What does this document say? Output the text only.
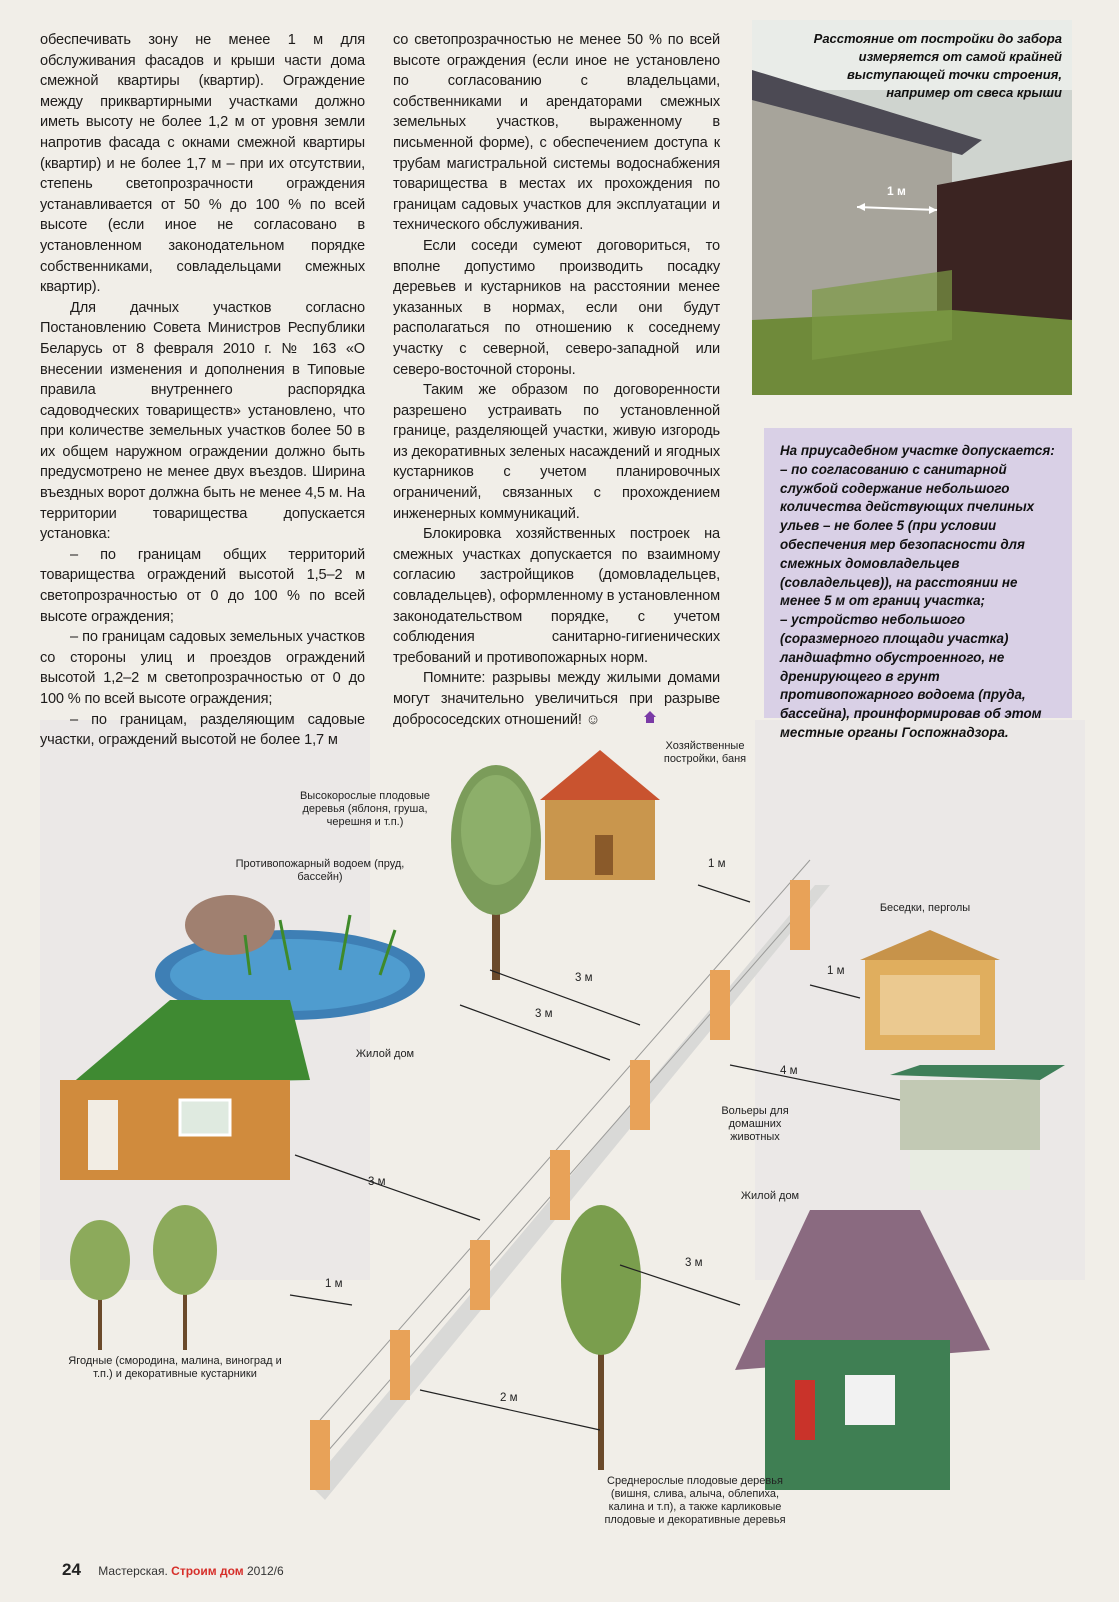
обеспечивать зону не менее 1 м для обслуживания фасадов и крыши части дома смежной квартиры (квартир). Ограждение между приквартирными участками должно иметь высоту не более 1,2 м от уровня земли напротив фасада с окнами смежной квартиры (квартир) и не более 1,7 м – при их отсутствии, степень светопрозрачности ограждения устанавливается от 50 % до 100 % по всей высоте (если иное не согласовано в установленном законодательном порядке собственниками, совладельцами смежных квартир).

Для дачных участков согласно Постановлению Совета Министров Республики Беларусь от 8 февраля 2010 г. № 163 «О внесении изменения и дополнения в Типовые правила внутреннего распорядка садоводческих товариществ» установлено, что при количестве земельных участков более 50 в их общем наружном ограждении должно быть предусмотрено не менее двух въездов. Ширина въездных ворот должна быть не менее 4,5 м. На территории товарищества допускается установка:

– по границам общих территорий товарищества ограждений высотой 1,5–2 м светопрозрачностью от 0 до 100 % по всей высоте ограждения;

– по границам садовых земельных участков со стороны улиц и проездов ограждений высотой 1,2–2 м светопрозрачностью от 0 до 100 % по всей высоте ограждения;

– по границам, разделяющим садовые участки, ограждений высотой не более 1,7 м

со светопрозрачностью не менее 50 % по всей высоте ограждения (если иное не установлено по согласованию с владельцами, собственниками и арендаторами смежных земельных участков, выраженному в письменной форме), с обеспечением доступа к трубам магистральной системы водоснабжения товарищества в местах их прохождения по границам садовых участков для эксплуатации и технического обслуживания.

Если соседи сумеют договориться, то вполне допустимо производить посадку деревьев и кустарников на расстоянии менее указанных в нормах, если они будут располагаться по отношению к соседнему участку с северной, северо-западной или северо-восточной стороны.

Таким же образом по договоренности разрешено устраивать по установленной границе, разделяющей участки, живую изгородь из декоративных зеленых насаждений и ягодных кустарников с учетом планировочных ограничений, связанных с прохождением инженерных коммуникаций.

Блокировка хозяйственных построек на смежных участках допускается по взаимному согласию застройщиков (домовладельцев, совладельцев), оформленному в установленном законодательством порядке, с учетом соблюдения санитарно-гигиенических требований и противопожарных норм.

Помните: разрывы между жилыми домами могут значительно увеличиться при разрыве добрососедских отношений! ☺

1 м
Расстояние от постройки до забора измеряется от самой крайней выступающей точки строения, например от свеса крыши

На приусадебном участке допускается:

– по согласованию с санитарной службой содержание небольшого количества действующих пчелиных ульев – не более 5 (при условии обеспечения мер безопасности для смежных домовладельцев (совладельцев)), на расстоянии не менее 5 м от границ участка;

– устройство небольшого (соразмерного площади участка) ландшафтно обустроенного, не дренирующего в грунт противопожарного водоема (пруда, бассейна), проинформировав об этом местные органы Госпожнадзора.

Высокорослые плодовые деревья (яблоня, груша, черешня и т.п.)
Хозяйственные постройки, баня
Противопожарный водоем (пруд, бассейн)
Жилой дом
Беседки, перголы
Вольеры для домашних животных
Жилой дом
Ягодные (смородина, малина, виноград и т.п.) и декоративные кустарники
Среднерослые плодовые деревья (вишня, слива, алыча, облепиха, калина и т.п), а также карликовые плодовые и декоративные деревья
1 м
3 м
3 м
3 м
1 м
1 м
4 м
3 м
2 м
24 Мастерская. Строим дом 2012/6
